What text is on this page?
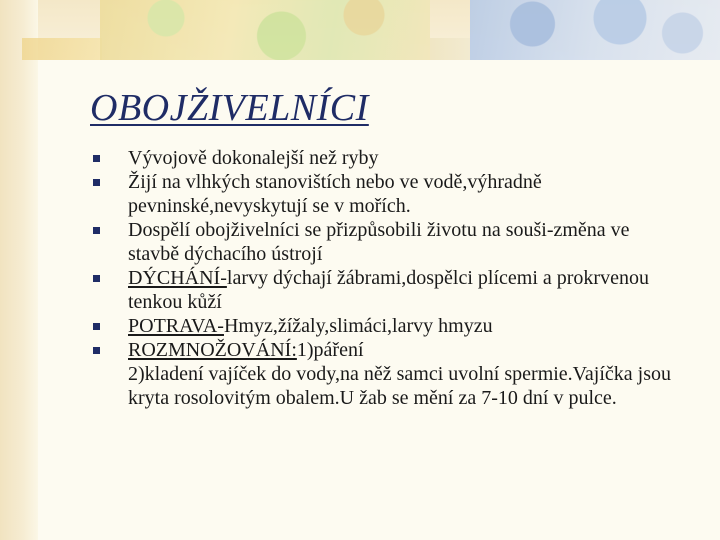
OBOJŽIVELNÍCI
Vývojově dokonalejší než ryby
Žijí na vlhkých stanovištích nebo ve vodě,výhradně pevninské,nevyskytují se v mořích.
Dospělí obojživelníci se přizpůsobili životu na souši-změna ve stavbě dýchacího ústrojí
DÝCHÁNÍ-larvy dýchají žábrami,dospělci plícemi a prokrvenou tenkou kůží
POTRAVA-Hmyz,žížaly,slimáci,larvy hmyzu
ROZMNOŽOVÁNÍ:1)páření
2)kladení vajíček do vody,na něž samci uvolní spermie.Vajíčka jsou kryta rosolovitým obalem.U žab se mění za 7-10 dní v pulce.
